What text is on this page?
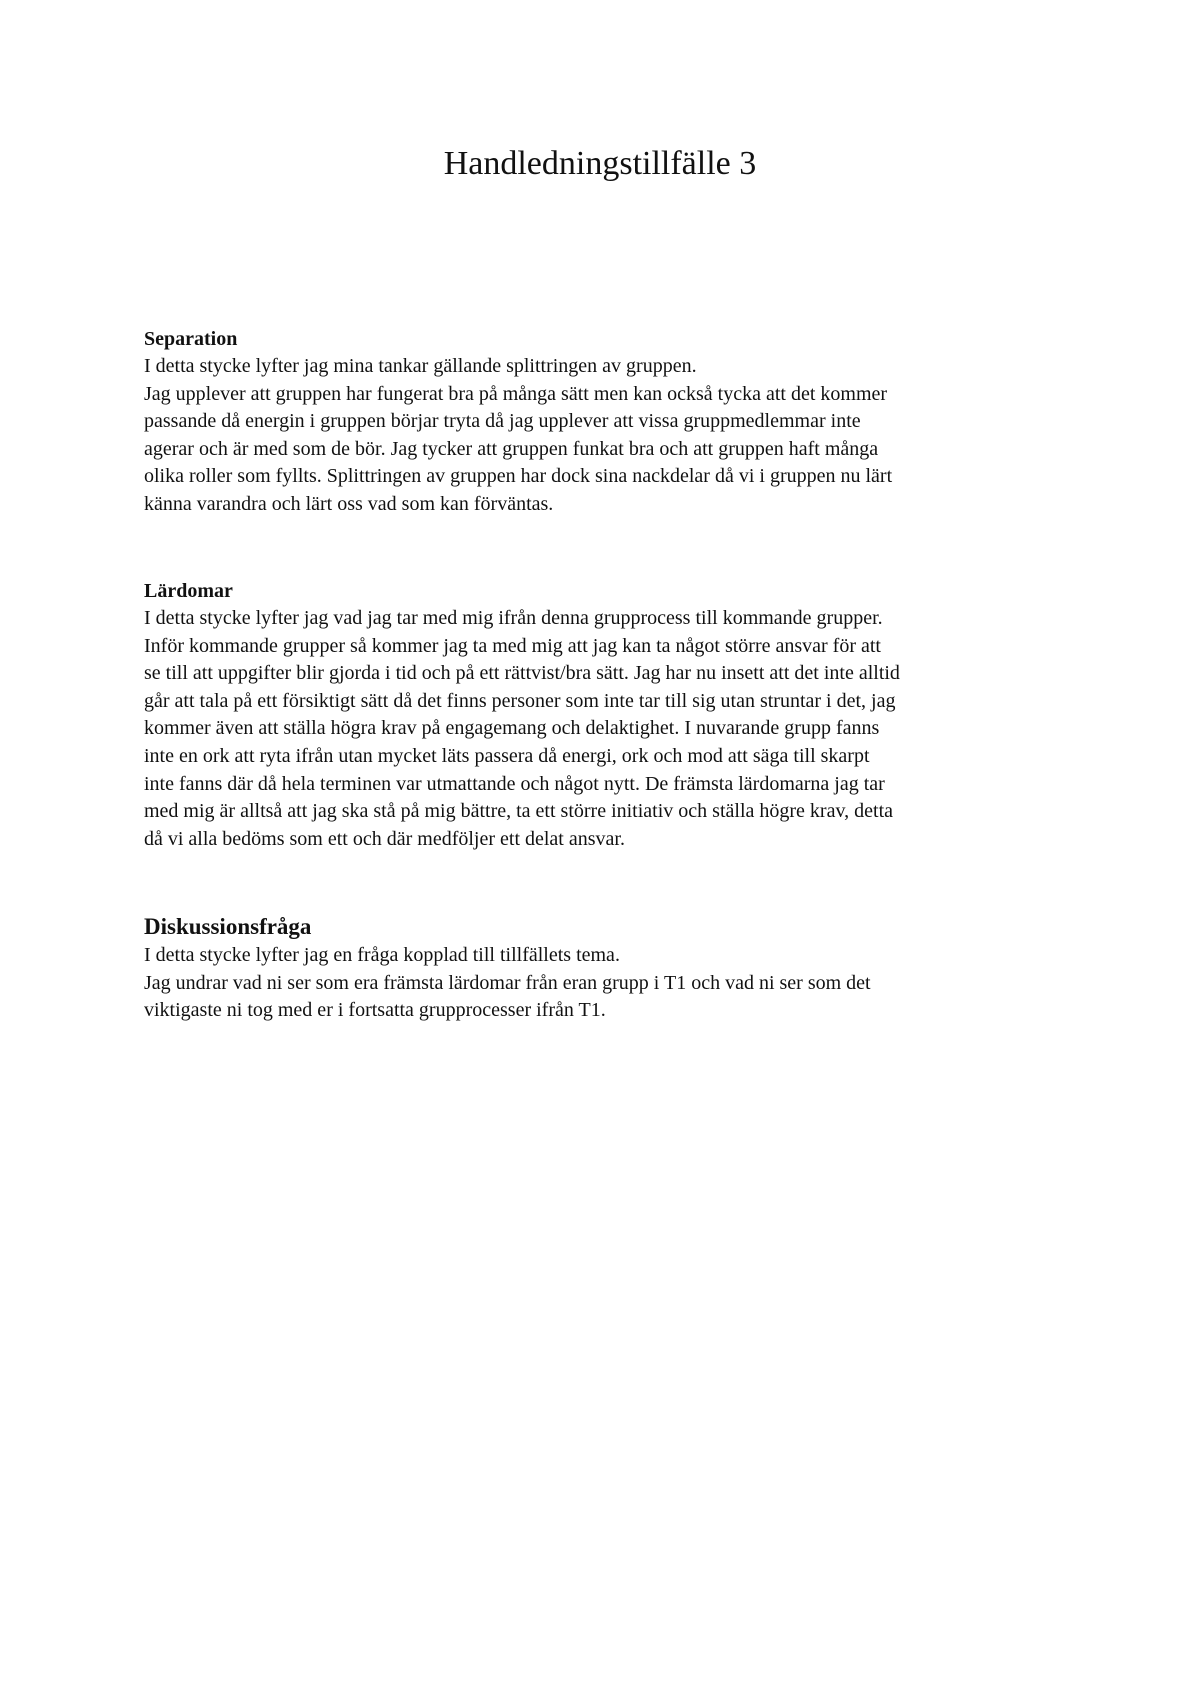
Handledningstillfälle 3
Separation

I detta stycke lyfter jag mina tankar gällande splittringen av gruppen.

Jag upplever att gruppen har fungerat bra på många sätt men kan också tycka att det kommer

passande då energin i gruppen börjar tryta då jag upplever att vissa gruppmedlemmar inte

agerar och är med som de bör. Jag tycker att gruppen funkat bra och att gruppen haft många

olika roller som fyllts. Splittringen av gruppen har dock sina nackdelar då vi i gruppen nu lärt

känna varandra och lärt oss vad som kan förväntas.

Lärdomar

I detta stycke lyfter jag vad jag tar med mig ifrån denna grupprocess till kommande grupper.

Inför kommande grupper så kommer jag ta med mig att jag kan ta något större ansvar för att

se till att uppgifter blir gjorda i tid och på ett rättvist/bra sätt. Jag har nu insett att det inte alltid

går att tala på ett försiktigt sätt då det finns personer som inte tar till sig utan struntar i det, jag

kommer även att ställa högra krav på engagemang och delaktighet. I nuvarande grupp fanns

inte en ork att ryta ifrån utan mycket läts passera då energi, ork och mod att säga till skarpt

inte fanns där då hela terminen var utmattande och något nytt. De främsta lärdomarna jag tar

med mig är alltså att jag ska stå på mig bättre, ta ett större initiativ och ställa högre krav, detta

då vi alla bedöms som ett och där medföljer ett delat ansvar.

Diskussionsfråga

I detta stycke lyfter jag en fråga kopplad till tillfällets tema.

Jag undrar vad ni ser som era främsta lärdomar från eran grupp i T1 och vad ni ser som det

viktigaste ni tog med er i fortsatta grupprocesser ifrån T1.
